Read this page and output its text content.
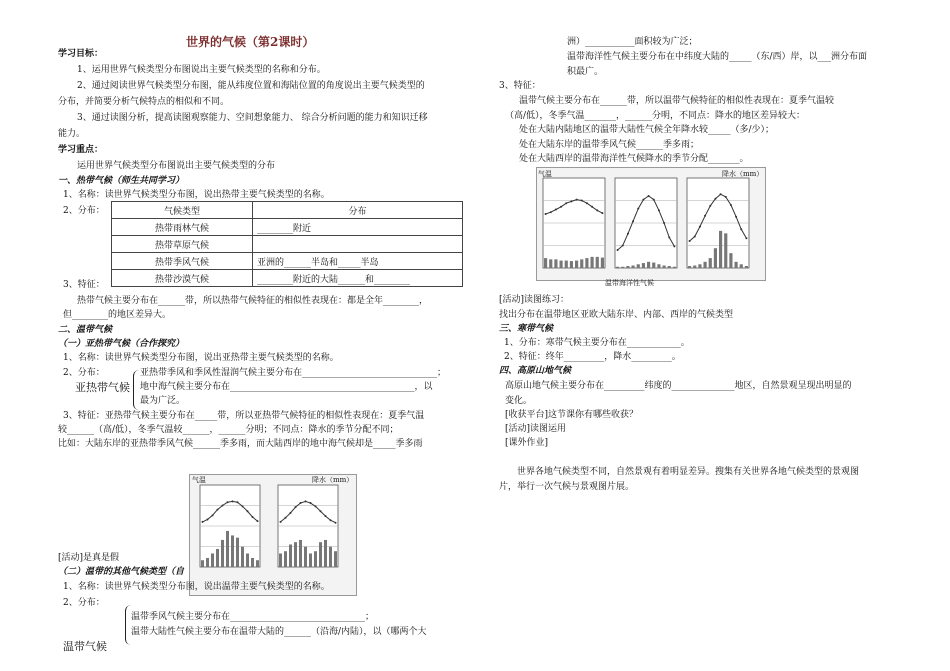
世界的气候（第2课时）
学习目标：
1、运用世界气候类型分布图说出主要气候类型的名称和分布。
2、通过阅读世界气候类型分布图，能从纬度位置和海陆位置的角度说出主要气候类型的
分布，并简要分析气候特点的相似和不同。
3、通过读图分析，提高读图观察能力、空间想象能力、 综合分析问题的能力和知识迁移
能力。
学习重点：
运用世界气候类型分布图说出主要气候类型的分布
一、热带气候（师生共同学习）
1、名称：读世界气候类型分布图，说出热带主要气候类型的名称。
2、分布：	气候类型	分布
热带雨林气候	________附近
热带草原气候	
热带季风气候	亚洲的______半岛和_____半岛
热带沙漠气候	________附近的大陆______和________
3、特征：
热带气候主要分布在______带，所以热带气候特征的相似性表现在：都是全年________，
但________的地区差异大。
二、温带气候
（一）亚热带气候（合作探究）
1、名称：读世界气候类型分布图，说出亚热带主要气候类型的名称。
2、分布：	亚热带季风和季风性湿润气候主要分布在______________________________；
亚热带气候 地中海气候主要分布在_________________________________________，以
最为广泛。
3、特征：亚热带气候主要分布在_____带，所以亚热带气候特征的相似性表现在：夏季气温
较______（高/低），冬季气温较______，______分明；不同点：降水的季节分配不同；
比如：大陆东岸的亚热带季风气候______季多雨，而大陆西岸的地中海气候却是_____季多雨
气温	降水（mm）
[活动]是真是假
（二）温带的其他气候类型（自
1、名称：读世界气候类型分布图，说出温带主要气候类型的名称。
2、分布：
温带季风气候主要分布在______________________________；
温带大陆性气候主要分布在温带大陆的______（沿海/内陆），以（哪两个大
温带气候
洲）___________面积较为广泛；
温带海洋性气候主要分布在中纬度大陆的_____（东/西）岸，以___洲分布面
积最广。
3、特征：
温带气候主要分布在______带，所以温带气候特征的相似性表现在：夏季气温较
（高/低），冬季气温_______，______分明，不同点：降水的地区差异较大：
处在大陆内陆地区的温带大陆性气候全年降水较_____（多/少）；
处在大陆东岸的温带季风气候______季多雨；
处在大陆西岸的温带海洋性气候降水的季节分配_______。
气温	降水（mm）
温带海洋性气候
[活动]读图练习：
找出分布在温带地区亚欧大陆东岸、内部、西岸的气候类型
三、寒带气候
1、分布：寒带气候主要分布在____________。
2、特征：终年_________，降水_________。
四、高原山地气候
高原山地气候主要分布在_________纬度的______________地区，自然景观呈现出明显的
变化。
[收获平台]这节课你有哪些收获？
[活动]读图运用
[课外作业]
世界各地气候类型不同，自然景观有着明显差异。搜集有关世界各地气候类型的景观图
片，举行一次气候与景观图片展。
